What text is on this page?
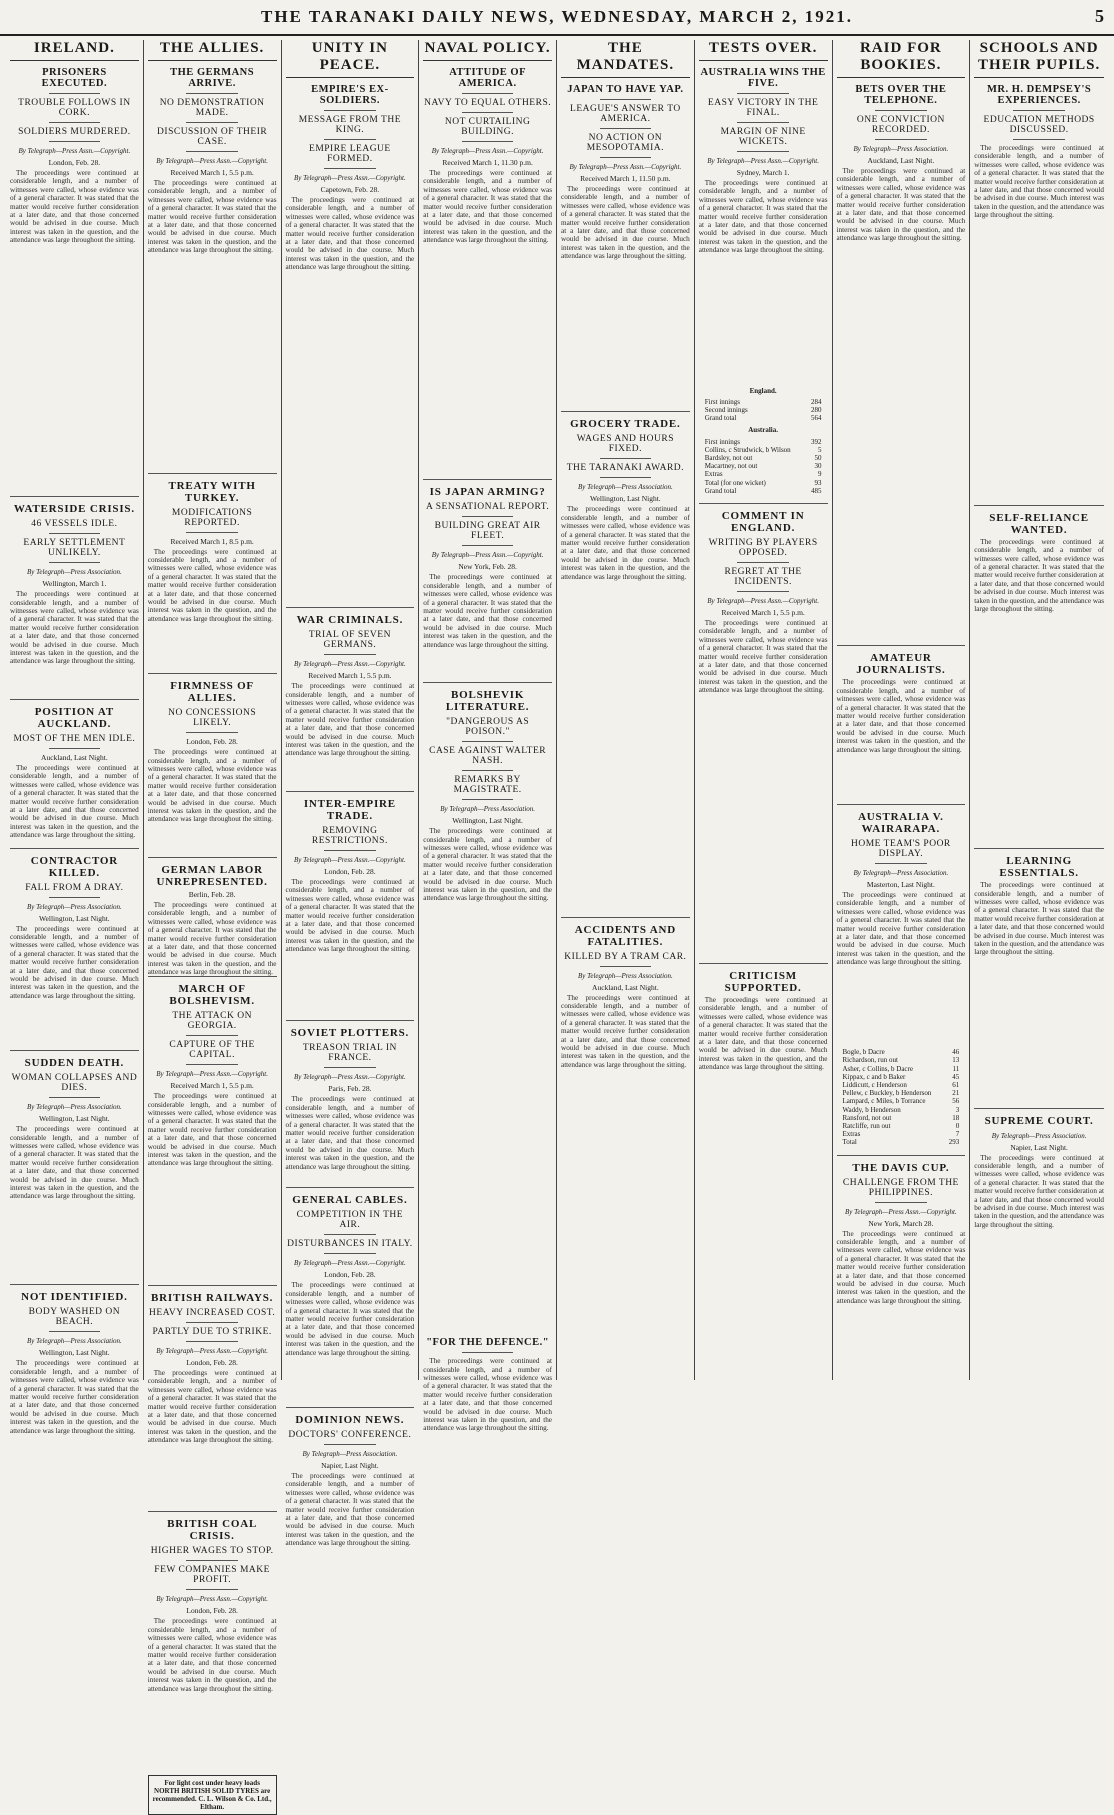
THE TARANAKI DAILY NEWS, WEDNESDAY, MARCH 2, 1921.	5
IRELAND.
PRISONERS EXECUTED.
TROUBLE FOLLOWS IN CORK.
SOLDIERS MURDERED.
By Telegraph—Press Assn.—Copyright.
London, Feb. 28.
The proceedings were continued at considerable length, and a number of witnesses were called, whose evidence was of a general character. It was stated that the matter would receive further consideration at a later date, and that those concerned would be advised in due course. Much interest was taken in the question, and the attendance was large throughout the sitting.
WATERSIDE CRISIS.
46 VESSELS IDLE.
EARLY SETTLEMENT UNLIKELY.
By Telegraph—Press Association.
Wellington, March 1.
The proceedings were continued at considerable length, and a number of witnesses were called, whose evidence was of a general character. It was stated that the matter would receive further consideration at a later date, and that those concerned would be advised in due course. Much interest was taken in the question, and the attendance was large throughout the sitting.
POSITION AT AUCKLAND.
MOST OF THE MEN IDLE.
Auckland, Last Night.
The proceedings were continued at considerable length, and a number of witnesses were called, whose evidence was of a general character. It was stated that the matter would receive further consideration at a later date, and that those concerned would be advised in due course. Much interest was taken in the question, and the attendance was large throughout the sitting.
CONTRACTOR KILLED.
FALL FROM A DRAY.
By Telegraph—Press Association.
Wellington, Last Night.
The proceedings were continued at considerable length, and a number of witnesses were called, whose evidence was of a general character. It was stated that the matter would receive further consideration at a later date, and that those concerned would be advised in due course. Much interest was taken in the question, and the attendance was large throughout the sitting.
SUDDEN DEATH.
WOMAN COLLAPSES AND DIES.
By Telegraph—Press Association.
Wellington, Last Night.
The proceedings were continued at considerable length, and a number of witnesses were called, whose evidence was of a general character. It was stated that the matter would receive further consideration at a later date, and that those concerned would be advised in due course. Much interest was taken in the question, and the attendance was large throughout the sitting.
NOT IDENTIFIED.
BODY WASHED ON BEACH.
By Telegraph—Press Association.
Wellington, Last Night.
The proceedings were continued at considerable length, and a number of witnesses were called, whose evidence was of a general character. It was stated that the matter would receive further consideration at a later date, and that those concerned would be advised in due course. Much interest was taken in the question, and the attendance was large throughout the sitting.
THE ALLIES.
THE GERMANS ARRIVE.
NO DEMONSTRATION MADE.
DISCUSSION OF THEIR CASE.
By Telegraph—Press Assn.—Copyright.
Received March 1, 5.5 p.m.
The proceedings were continued at considerable length, and a number of witnesses were called, whose evidence was of a general character. It was stated that the matter would receive further consideration at a later date, and that those concerned would be advised in due course. Much interest was taken in the question, and the attendance was large throughout the sitting.
TREATY WITH TURKEY.
MODIFICATIONS REPORTED.
Received March 1, 8.5 p.m.
The proceedings were continued at considerable length, and a number of witnesses were called, whose evidence was of a general character. It was stated that the matter would receive further consideration at a later date, and that those concerned would be advised in due course. Much interest was taken in the question, and the attendance was large throughout the sitting.
FIRMNESS OF ALLIES.
NO CONCESSIONS LIKELY.
London, Feb. 28.
The proceedings were continued at considerable length, and a number of witnesses were called, whose evidence was of a general character. It was stated that the matter would receive further consideration at a later date, and that those concerned would be advised in due course. Much interest was taken in the question, and the attendance was large throughout the sitting.
GERMAN LABOR UNREPRESENTED.
Berlin, Feb. 28.
The proceedings were continued at considerable length, and a number of witnesses were called, whose evidence was of a general character. It was stated that the matter would receive further consideration at a later date, and that those concerned would be advised in due course. Much interest was taken in the question, and the attendance was large throughout the sitting.
MARCH OF BOLSHEVISM.
THE ATTACK ON GEORGIA.
CAPTURE OF THE CAPITAL.
By Telegraph—Press Assn.—Copyright.
Received March 1, 5.5 p.m.
The proceedings were continued at considerable length, and a number of witnesses were called, whose evidence was of a general character. It was stated that the matter would receive further consideration at a later date, and that those concerned would be advised in due course. Much interest was taken in the question, and the attendance was large throughout the sitting.
BRITISH RAILWAYS.
HEAVY INCREASED COST.
PARTLY DUE TO STRIKE.
By Telegraph—Press Assn.—Copyright.
London, Feb. 28.
The proceedings were continued at considerable length, and a number of witnesses were called, whose evidence was of a general character. It was stated that the matter would receive further consideration at a later date, and that those concerned would be advised in due course. Much interest was taken in the question, and the attendance was large throughout the sitting.
BRITISH COAL CRISIS.
HIGHER WAGES TO STOP.
FEW COMPANIES MAKE PROFIT.
By Telegraph—Press Assn.—Copyright.
London, Feb. 28.
The proceedings were continued at considerable length, and a number of witnesses were called, whose evidence was of a general character. It was stated that the matter would receive further consideration at a later date, and that those concerned would be advised in due course. Much interest was taken in the question, and the attendance was large throughout the sitting.
For light cost under heavy loads NORTH BRITISH SOLID TYRES are recommended. C. L. Wilson & Co. Ltd., Eltham.
UNITY IN PEACE.
EMPIRE'S EX-SOLDIERS.
MESSAGE FROM THE KING.
EMPIRE LEAGUE FORMED.
By Telegraph—Press Assn.—Copyright.
Capetown, Feb. 28.
The proceedings were continued at considerable length, and a number of witnesses were called, whose evidence was of a general character. It was stated that the matter would receive further consideration at a later date, and that those concerned would be advised in due course. Much interest was taken in the question, and the attendance was large throughout the sitting.
WAR CRIMINALS.
TRIAL OF SEVEN GERMANS.
By Telegraph—Press Assn.—Copyright.
Received March 1, 5.5 p.m.
The proceedings were continued at considerable length, and a number of witnesses were called, whose evidence was of a general character. It was stated that the matter would receive further consideration at a later date, and that those concerned would be advised in due course. Much interest was taken in the question, and the attendance was large throughout the sitting.
INTER-EMPIRE TRADE.
REMOVING RESTRICTIONS.
By Telegraph—Press Assn.—Copyright.
London, Feb. 28.
The proceedings were continued at considerable length, and a number of witnesses were called, whose evidence was of a general character. It was stated that the matter would receive further consideration at a later date, and that those concerned would be advised in due course. Much interest was taken in the question, and the attendance was large throughout the sitting.
SOVIET PLOTTERS.
TREASON TRIAL IN FRANCE.
By Telegraph—Press Assn.—Copyright.
Paris, Feb. 28.
The proceedings were continued at considerable length, and a number of witnesses were called, whose evidence was of a general character. It was stated that the matter would receive further consideration at a later date, and that those concerned would be advised in due course. Much interest was taken in the question, and the attendance was large throughout the sitting.
GENERAL CABLES.
COMPETITION IN THE AIR.
DISTURBANCES IN ITALY.
By Telegraph—Press Assn.—Copyright.
London, Feb. 28.
The proceedings were continued at considerable length, and a number of witnesses were called, whose evidence was of a general character. It was stated that the matter would receive further consideration at a later date, and that those concerned would be advised in due course. Much interest was taken in the question, and the attendance was large throughout the sitting.
DOMINION NEWS.
DOCTORS' CONFERENCE.
By Telegraph—Press Association.
Napier, Last Night.
The proceedings were continued at considerable length, and a number of witnesses were called, whose evidence was of a general character. It was stated that the matter would receive further consideration at a later date, and that those concerned would be advised in due course. Much interest was taken in the question, and the attendance was large throughout the sitting.
NAVAL POLICY.
ATTITUDE OF AMERICA.
NAVY TO EQUAL OTHERS.
NOT CURTAILING BUILDING.
By Telegraph—Press Assn.—Copyright.
Received March 1, 11.30 p.m.
The proceedings were continued at considerable length, and a number of witnesses were called, whose evidence was of a general character. It was stated that the matter would receive further consideration at a later date, and that those concerned would be advised in due course. Much interest was taken in the question, and the attendance was large throughout the sitting.
IS JAPAN ARMING?
A SENSATIONAL REPORT.
BUILDING GREAT AIR FLEET.
By Telegraph—Press Assn.—Copyright.
New York, Feb. 28.
The proceedings were continued at considerable length, and a number of witnesses were called, whose evidence was of a general character. It was stated that the matter would receive further consideration at a later date, and that those concerned would be advised in due course. Much interest was taken in the question, and the attendance was large throughout the sitting.
BOLSHEVIK LITERATURE.
"DANGEROUS AS POISON."
CASE AGAINST WALTER NASH.
REMARKS BY MAGISTRATE.
By Telegraph—Press Association.
Wellington, Last Night.
The proceedings were continued at considerable length, and a number of witnesses were called, whose evidence was of a general character. It was stated that the matter would receive further consideration at a later date, and that those concerned would be advised in due course. Much interest was taken in the question, and the attendance was large throughout the sitting.
"FOR THE DEFENCE."
The proceedings were continued at considerable length, and a number of witnesses were called, whose evidence was of a general character. It was stated that the matter would receive further consideration at a later date, and that those concerned would be advised in due course. Much interest was taken in the question, and the attendance was large throughout the sitting.
THE MANDATES.
JAPAN TO HAVE YAP.
LEAGUE'S ANSWER TO AMERICA.
NO ACTION ON MESOPOTAMIA.
By Telegraph—Press Assn.—Copyright.
Received March 1, 11.50 p.m.
The proceedings were continued at considerable length, and a number of witnesses were called, whose evidence was of a general character. It was stated that the matter would receive further consideration at a later date, and that those concerned would be advised in due course. Much interest was taken in the question, and the attendance was large throughout the sitting.
GROCERY TRADE.
WAGES AND HOURS FIXED.
THE TARANAKI AWARD.
By Telegraph—Press Association.
Wellington, Last Night.
The proceedings were continued at considerable length, and a number of witnesses were called, whose evidence was of a general character. It was stated that the matter would receive further consideration at a later date, and that those concerned would be advised in due course. Much interest was taken in the question, and the attendance was large throughout the sitting.
ACCIDENTS AND FATALITIES.
KILLED BY A TRAM CAR.
By Telegraph—Press Association.
Auckland, Last Night.
The proceedings were continued at considerable length, and a number of witnesses were called, whose evidence was of a general character. It was stated that the matter would receive further consideration at a later date, and that those concerned would be advised in due course. Much interest was taken in the question, and the attendance was large throughout the sitting.
TESTS OVER.
AUSTRALIA WINS THE FIVE.
EASY VICTORY IN THE FINAL.
MARGIN OF NINE WICKETS.
By Telegraph—Press Assn.—Copyright.
Sydney, March 1.
The proceedings were continued at considerable length, and a number of witnesses were called, whose evidence was of a general character. It was stated that the matter would receive further consideration at a later date, and that those concerned would be advised in due course. Much interest was taken in the question, and the attendance was large throughout the sitting.
England.
First innings	284
Second innings	280
Grand total	564
Australia.
First innings	392
Collins, c Strudwick, b Wilson	5
Bardsley, not out	50
Macartney, not out	30
Extras	9
Total (for one wicket)	93
Grand total	485
COMMENT IN ENGLAND.
WRITING BY PLAYERS OPPOSED.
REGRET AT THE INCIDENTS.
By Telegraph—Press Assn.—Copyright.
Received March 1, 5.5 p.m.
The proceedings were continued at considerable length, and a number of witnesses were called, whose evidence was of a general character. It was stated that the matter would receive further consideration at a later date, and that those concerned would be advised in due course. Much interest was taken in the question, and the attendance was large throughout the sitting.
CRITICISM SUPPORTED.
The proceedings were continued at considerable length, and a number of witnesses were called, whose evidence was of a general character. It was stated that the matter would receive further consideration at a later date, and that those concerned would be advised in due course. Much interest was taken in the question, and the attendance was large throughout the sitting.
RAID FOR BOOKIES.
BETS OVER THE TELEPHONE.
ONE CONVICTION RECORDED.
By Telegraph—Press Association.
Auckland, Last Night.
The proceedings were continued at considerable length, and a number of witnesses were called, whose evidence was of a general character. It was stated that the matter would receive further consideration at a later date, and that those concerned would be advised in due course. Much interest was taken in the question, and the attendance was large throughout the sitting.
AMATEUR JOURNALISTS.
The proceedings were continued at considerable length, and a number of witnesses were called, whose evidence was of a general character. It was stated that the matter would receive further consideration at a later date, and that those concerned would be advised in due course. Much interest was taken in the question, and the attendance was large throughout the sitting.
AUSTRALIA V. WAIRARAPA.
HOME TEAM'S POOR DISPLAY.
By Telegraph—Press Association.
Masterton, Last Night.
The proceedings were continued at considerable length, and a number of witnesses were called, whose evidence was of a general character. It was stated that the matter would receive further consideration at a later date, and that those concerned would be advised in due course. Much interest was taken in the question, and the attendance was large throughout the sitting.
Bogle, b Dacre	46
Richardson, run out	13
Asher, c Collins, b Dacre	11
Kippax, c and b Baker	45
Liddicutt, c Henderson	61
Pellew, c Buckley, b Henderson	21
Lampard, c Miles, b Torrance	56
Waddy, b Henderson	3
Ransford, not out	18
Ratcliffe, run out	0
Extras	7
Total	293
THE DAVIS CUP.
CHALLENGE FROM THE PHILIPPINES.
By Telegraph—Press Assn.—Copyright.
New York, March 28.
The proceedings were continued at considerable length, and a number of witnesses were called, whose evidence was of a general character. It was stated that the matter would receive further consideration at a later date, and that those concerned would be advised in due course. Much interest was taken in the question, and the attendance was large throughout the sitting.
SCHOOLS AND THEIR PUPILS.
MR. H. DEMPSEY'S EXPERIENCES.
EDUCATION METHODS DISCUSSED.
The proceedings were continued at considerable length, and a number of witnesses were called, whose evidence was of a general character. It was stated that the matter would receive further consideration at a later date, and that those concerned would be advised in due course. Much interest was taken in the question, and the attendance was large throughout the sitting.
SELF-RELIANCE WANTED.
The proceedings were continued at considerable length, and a number of witnesses were called, whose evidence was of a general character. It was stated that the matter would receive further consideration at a later date, and that those concerned would be advised in due course. Much interest was taken in the question, and the attendance was large throughout the sitting.
LEARNING ESSENTIALS.
The proceedings were continued at considerable length, and a number of witnesses were called, whose evidence was of a general character. It was stated that the matter would receive further consideration at a later date, and that those concerned would be advised in due course. Much interest was taken in the question, and the attendance was large throughout the sitting.
SUPREME COURT.
By Telegraph—Press Association.
Napier, Last Night.
The proceedings were continued at considerable length, and a number of witnesses were called, whose evidence was of a general character. It was stated that the matter would receive further consideration at a later date, and that those concerned would be advised in due course. Much interest was taken in the question, and the attendance was large throughout the sitting.
